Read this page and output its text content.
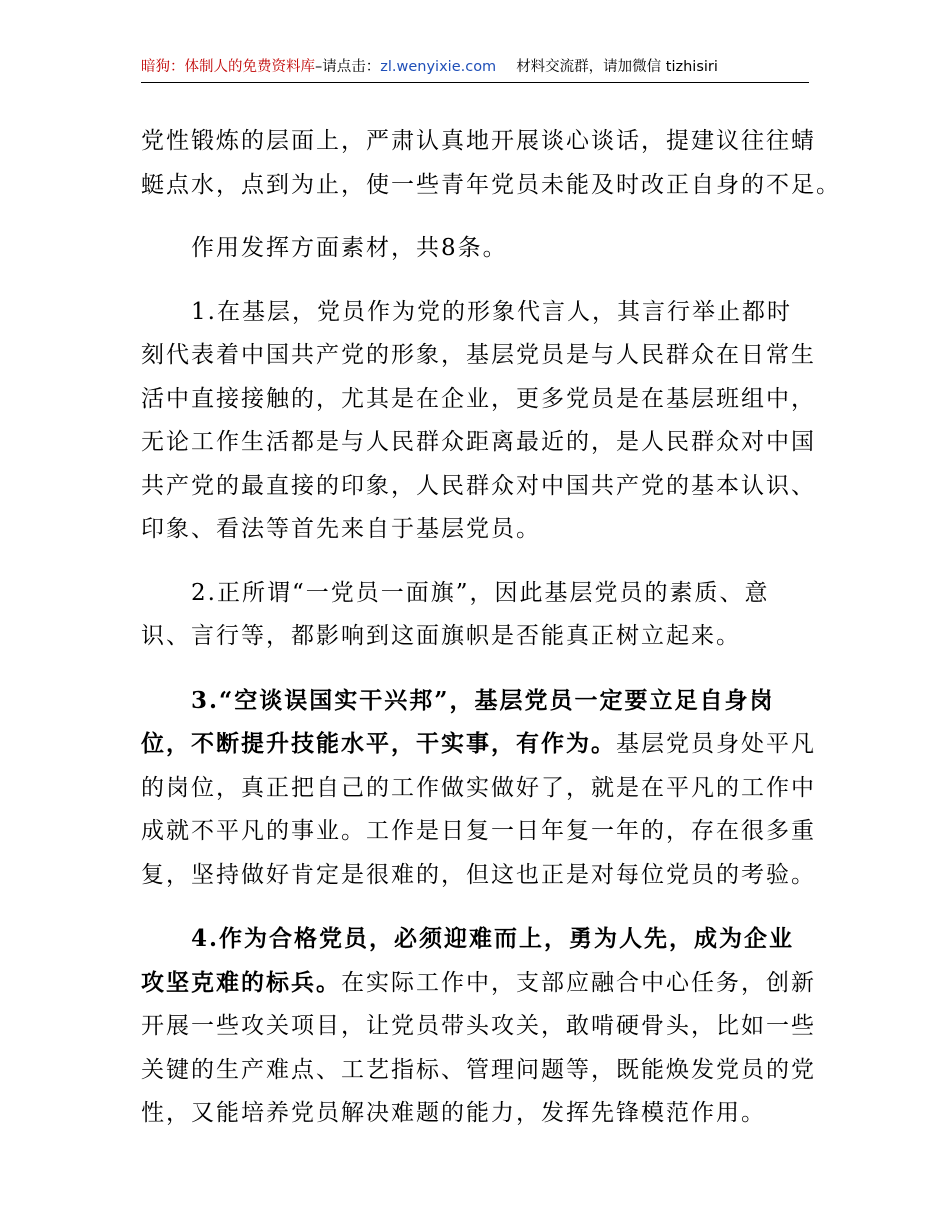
暗狗：体制人的免费资料库–请点击：zl.wenyixie.com 材料交流群，请加微信 tizhisiri

党性锻炼的层面上，严肃认真地开展谈心谈话，提建议往往蜻

蜓点水，点到为止，使一些青年党员未能及时改正自身的不足。

作用发挥方面素材，共8条。

1.在基层，党员作为党的形象代言人，其言行举止都时

刻代表着中国共产党的形象，基层党员是与人民群众在日常生

活中直接接触的，尤其是在企业，更多党员是在基层班组中，

无论工作生活都是与人民群众距离最近的，是人民群众对中国

共产党的最直接的印象，人民群众对中国共产党的基本认识、

印象、看法等首先来自于基层党员。

2.正所谓“一党员一面旗”，因此基层党员的素质、意

识、言行等，都影响到这面旗帜是否能真正树立起来。

3.“空谈误国实干兴邦”，基层党员一定要立足自身岗

位，不断提升技能水平，干实事，有作为。基层党员身处平凡

的岗位，真正把自己的工作做实做好了，就是在平凡的工作中

成就不平凡的事业。工作是日复一日年复一年的，存在很多重

复，坚持做好肯定是很难的，但这也正是对每位党员的考验。

4.作为合格党员，必须迎难而上，勇为人先，成为企业

攻坚克难的标兵。在实际工作中，支部应融合中心任务，创新

开展一些攻关项目，让党员带头攻关，敢啃硬骨头，比如一些

关键的生产难点、工艺指标、管理问题等，既能焕发党员的党

性，又能培养党员解决难题的能力，发挥先锋模范作用。
